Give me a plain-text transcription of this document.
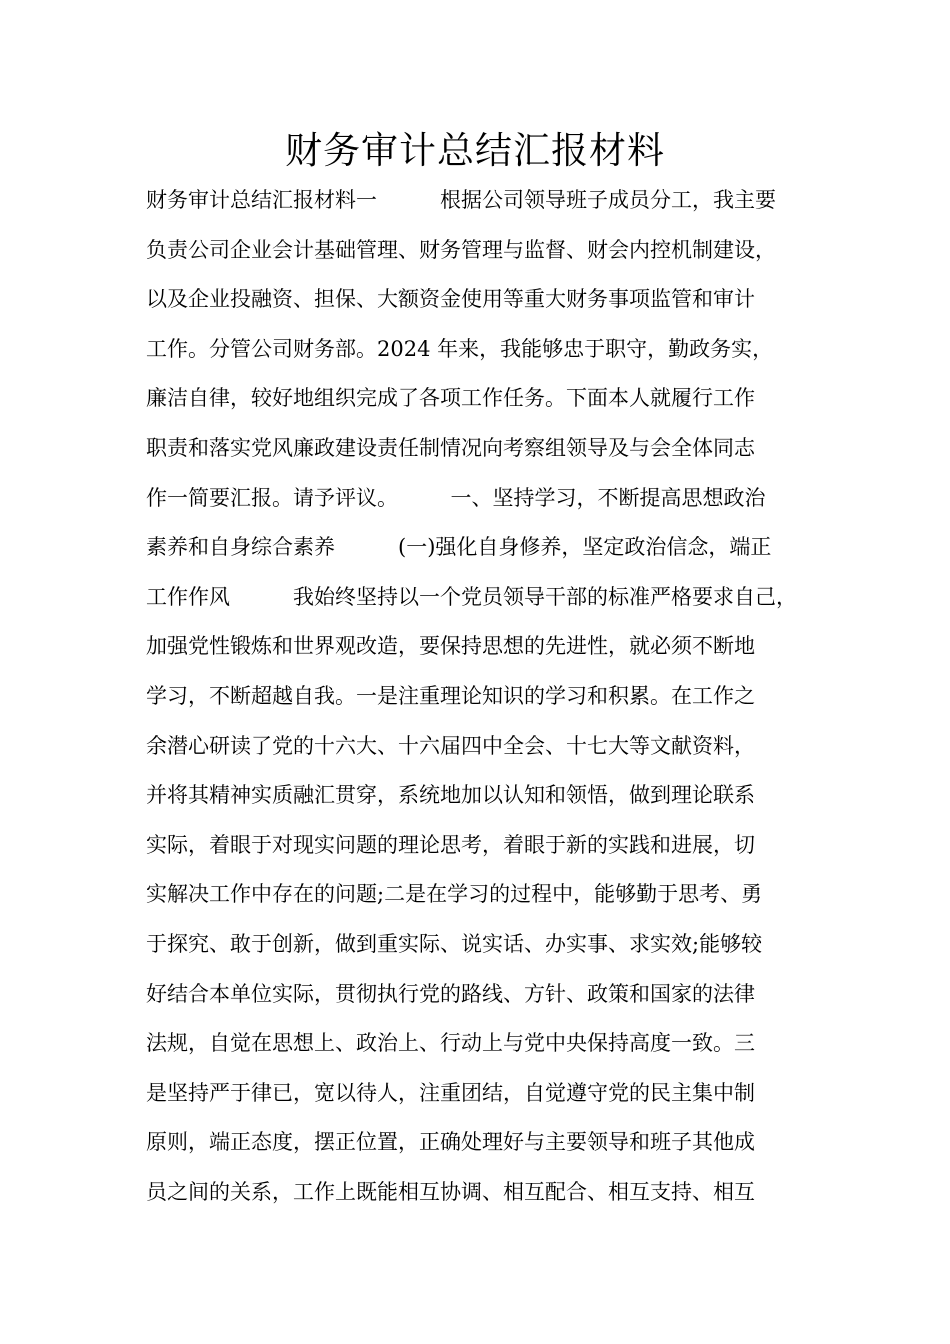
财务审计总结汇报材料
财务审计总结汇报材料一　　　根据公司领导班子成员分工，我主要
负责公司企业会计基础管理、财务管理与监督、财会内控机制建设，
以及企业投融资、担保、大额资金使用等重大财务事项监管和审计
工作。分管公司财务部。2024 年来，我能够忠于职守，勤政务实，
廉洁自律，较好地组织完成了各项工作任务。下面本人就履行工作
职责和落实党风廉政建设责任制情况向考察组领导及与会全体同志
作一简要汇报。请予评议。　　　一、坚持学习，不断提高思想政治
素养和自身综合素养　　　(一)强化自身修养，坚定政治信念，端正
工作作风　　　我始终坚持以一个党员领导干部的标准严格要求自己，
加强党性锻炼和世界观改造，要保持思想的先进性，就必须不断地
学习，不断超越自我。一是注重理论知识的学习和积累。在工作之
余潜心研读了党的十六大、十六届四中全会、十七大等文献资料，
并将其精神实质融汇贯穿，系统地加以认知和领悟，做到理论联系
实际，着眼于对现实问题的理论思考，着眼于新的实践和进展，切
实解决工作中存在的问题;二是在学习的过程中，能够勤于思考、勇
于探究、敢于创新，做到重实际、说实话、办实事、求实效;能够较
好结合本单位实际，贯彻执行党的路线、方针、政策和国家的法律
法规，自觉在思想上、政治上、行动上与党中央保持高度一致。三
是坚持严于律已，宽以待人，注重团结，自觉遵守党的民主集中制
原则，端正态度，摆正位置，正确处理好与主要领导和班子其他成
员之间的关系，工作上既能相互协调、相互配合、相互支持、相互
